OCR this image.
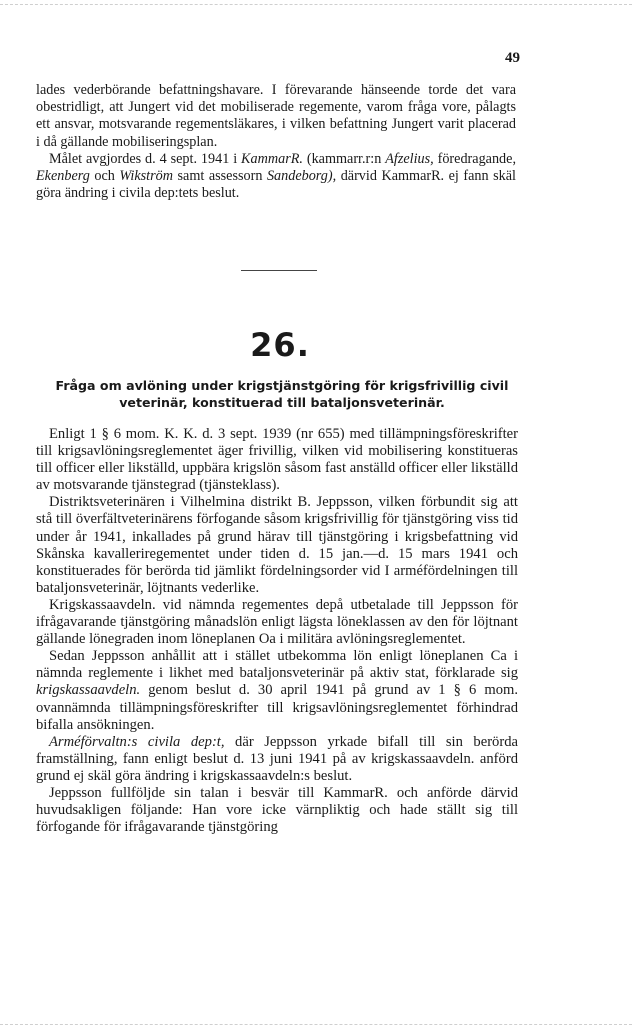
49

lades vederbörande befattningshavare. I förevarande hänseende torde det vara obestridligt, att Jungert vid det mobiliserade regemente, varom fråga vore, pålagts ett ansvar, motsvarande regementsläkares, i vilken befattning Jungert varit placerad i då gällande mobiliseringsplan.

Målet avgjordes d. 4 sept. 1941 i KammarR. (kammarr.r:n Afzelius, föredragande, Ekenberg och Wikström samt assessorn Sandeborg), därvid KammarR. ej fann skäl göra ändring i civila dep:tets beslut.

26.
Fråga om avlöning under krigstjänstgöring för krigsfrivillig civil veterinär, konstituerad till bataljonsveterinär.

Enligt 1 § 6 mom. K. K. d. 3 sept. 1939 (nr 655) med tillämpningsföreskrifter till krigsavlöningsreglementet äger frivillig, vilken vid mobilisering konstitueras till officer eller likställd, uppbära krigslön såsom fast anställd officer eller likställd av motsvarande tjänstegrad (tjänsteklass).

Distriktsveterinären i Vilhelmina distrikt B. Jeppsson, vilken förbundit sig att stå till överfältveterinärens förfogande såsom krigsfrivillig för tjänstgöring viss tid under år 1941, inkallades på grund härav till tjänstgöring i krigsbefattning vid Skånska kavalleriregementet under tiden d. 15 jan.—d. 15 mars 1941 och konstituerades för berörda tid jämlikt fördelningsorder vid I arméfördelningen till bataljonsveterinär, löjtnants vederlike.

Krigskassaavdeln. vid nämnda regementes depå utbetalade till Jeppsson för ifrågavarande tjänstgöring månadslön enligt lägsta löneklassen av den för löjtnant gällande lönegraden inom löneplanen Oa i militära avlöningsreglementet.

Sedan Jeppsson anhållit att i stället utbekomma lön enligt löneplanen Ca i nämnda reglemente i likhet med bataljonsveterinär på aktiv stat, förklarade sig krigskassaavdeln. genom beslut d. 30 april 1941 på grund av 1 § 6 mom. ovannämnda tillämpningsföreskrifter till krigsavlöningsreglementet förhindrad bifalla ansökningen.

Arméförvaltn:s civila dep:t, där Jeppsson yrkade bifall till sin berörda framställning, fann enligt beslut d. 13 juni 1941 på av krigskassaavdeln. anförd grund ej skäl göra ändring i krigskassaavdeln:s beslut.

Jeppsson fullföljde sin talan i besvär till KammarR. och anförde därvid huvudsakligen följande: Han vore icke värnpliktig och hade ställt sig till förfogande för ifrågavarande tjänstgöring
